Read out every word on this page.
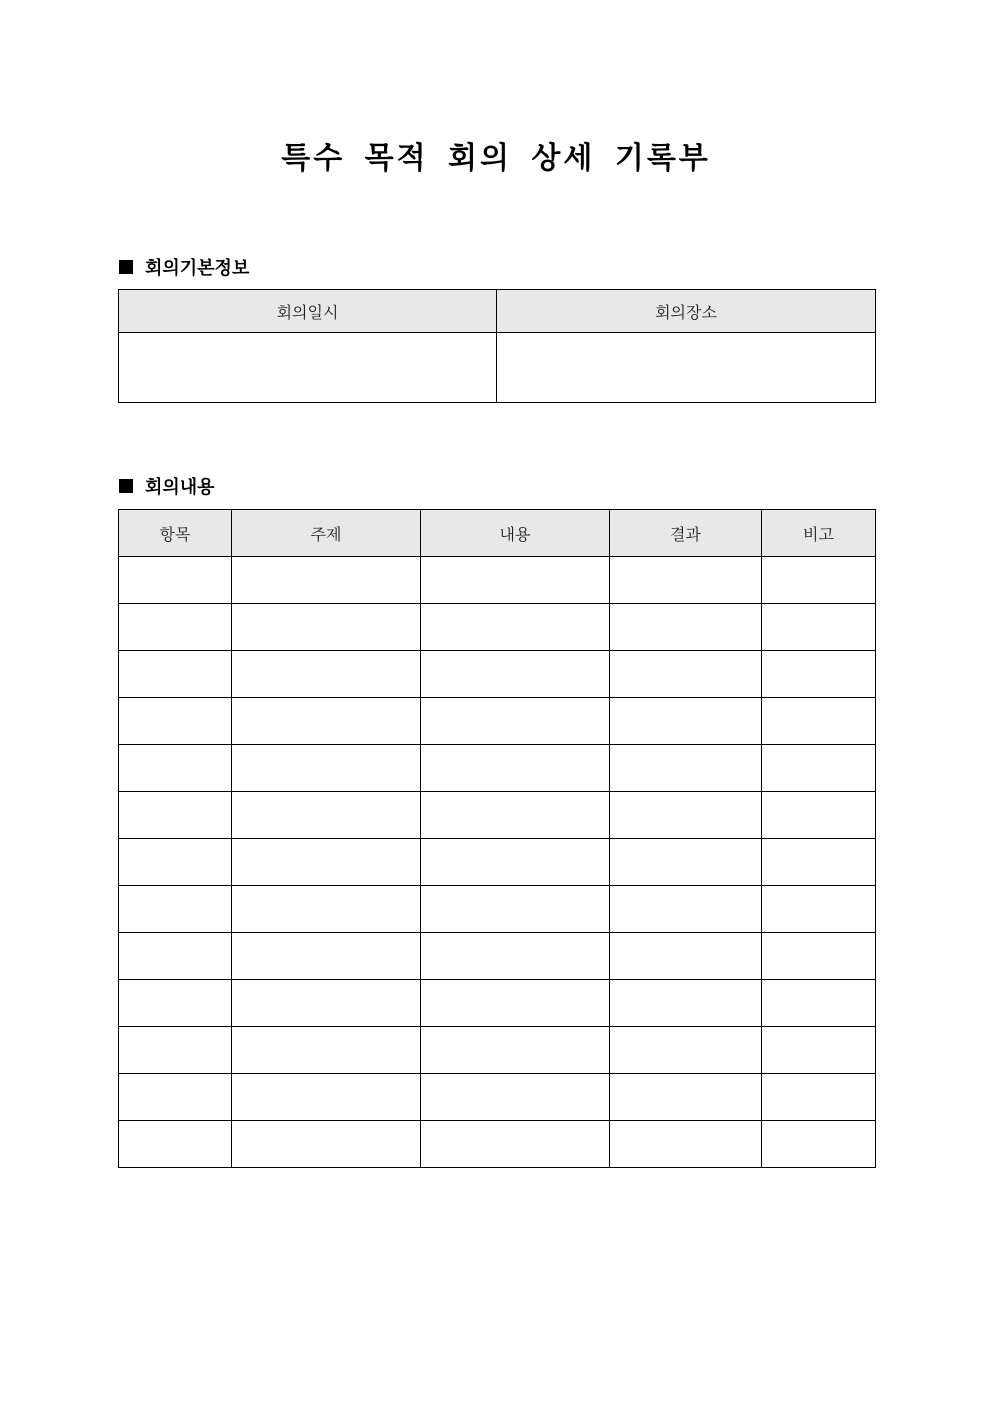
특수 목적 회의 상세 기록부
회의기본정보
회의일시	회의장소

회의내용
항목	주제	내용	결과	비고
